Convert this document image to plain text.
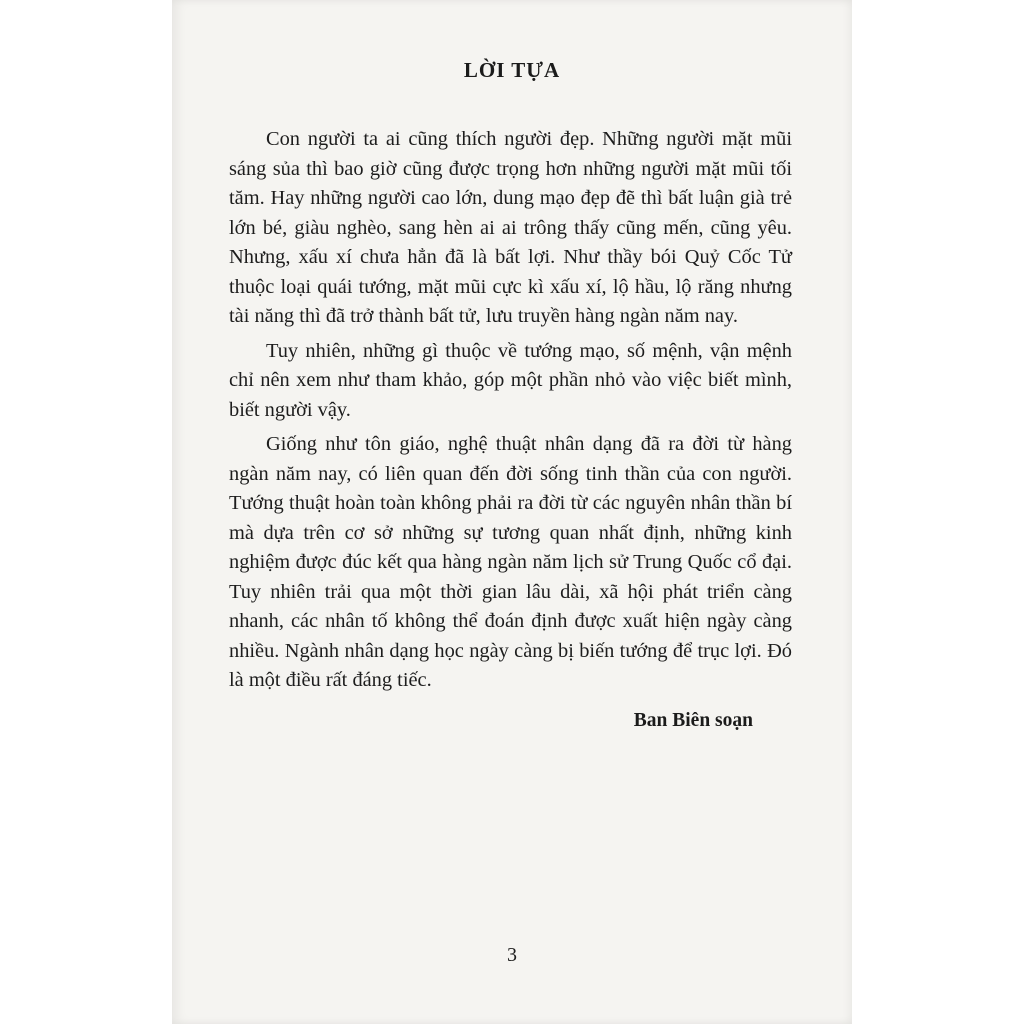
LỜI TỰA

Con người ta ai cũng thích người đẹp. Những người mặt mũi sáng sủa thì bao giờ cũng được trọng hơn những người mặt mũi tối tăm. Hay những người cao lớn, dung mạo đẹp đẽ thì bất luận già trẻ lớn bé, giàu nghèo, sang hèn ai ai trông thấy cũng mến, cũng yêu. Nhưng, xấu xí chưa hẳn đã là bất lợi. Như thầy bói Quỷ Cốc Tử thuộc loại quái tướng, mặt mũi cực kì xấu xí, lộ hầu, lộ răng nhưng tài năng thì đã trở thành bất tử, lưu truyền hàng ngàn năm nay.

Tuy nhiên, những gì thuộc về tướng mạo, số mệnh, vận mệnh chỉ nên xem như tham khảo, góp một phần nhỏ vào việc biết mình, biết người vậy.

Giống như tôn giáo, nghệ thuật nhân dạng đã ra đời từ hàng ngàn năm nay, có liên quan đến đời sống tinh thần của con người. Tướng thuật hoàn toàn không phải ra đời từ các nguyên nhân thần bí mà dựa trên cơ sở những sự tương quan nhất định, những kinh nghiệm được đúc kết qua hàng ngàn năm lịch sử Trung Quốc cổ đại. Tuy nhiên trải qua một thời gian lâu dài, xã hội phát triển càng nhanh, các nhân tố không thể đoán định được xuất hiện ngày càng nhiều. Ngành nhân dạng học ngày càng bị biến tướng để trục lợi. Đó là một điều rất đáng tiếc.

Ban Biên soạn
3
